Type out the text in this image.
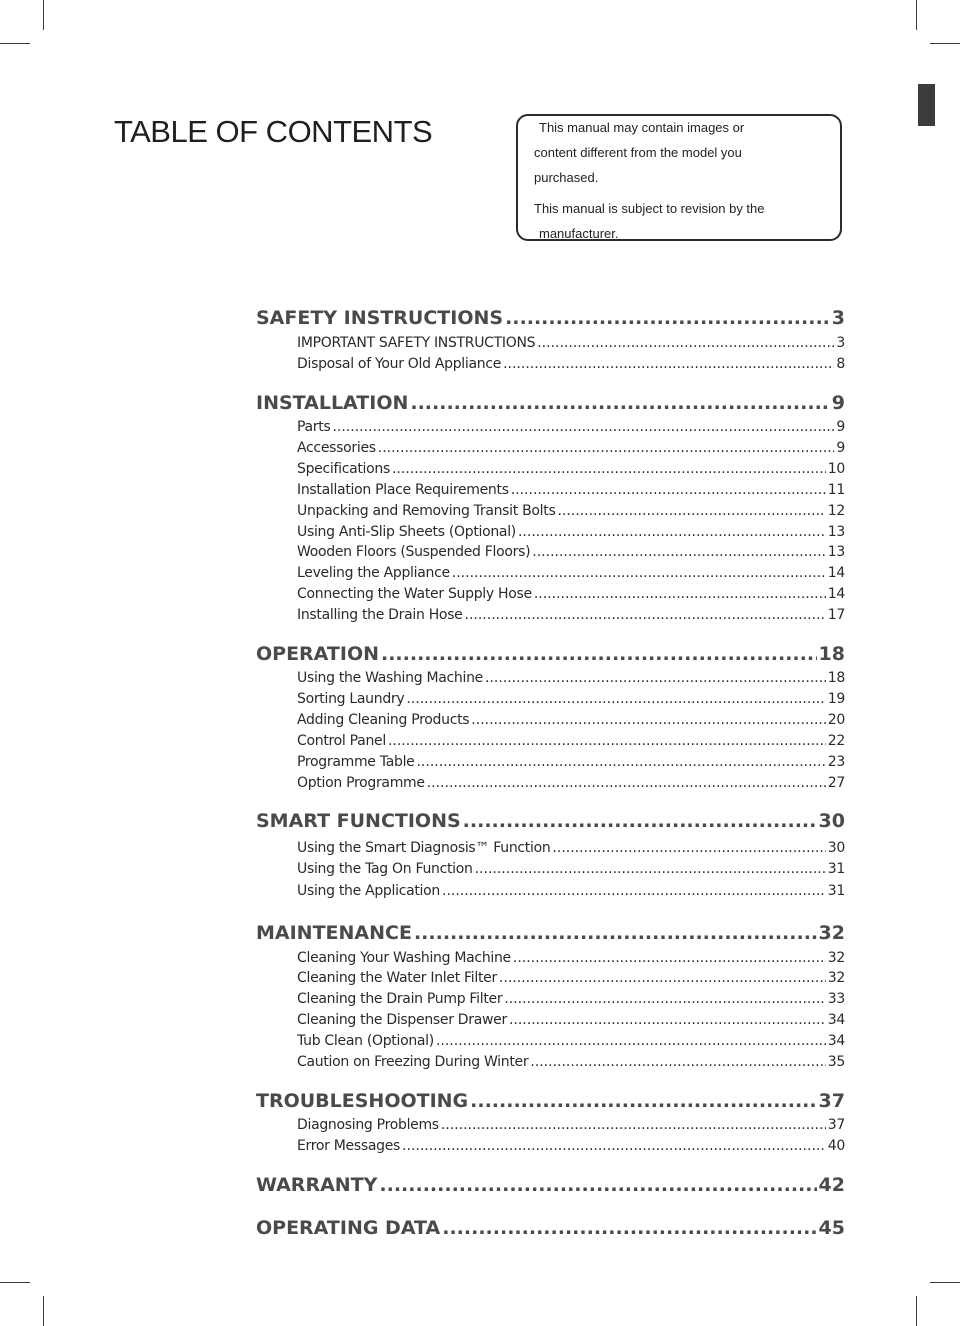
TABLE OF CONTENTS	This manual may contain images or
content different from the model you
purchased.
This manual is subject to revision by the
manufacturer.
SAFETY INSTRUCTIONS .....	3
IMPORTANT SAFETY INSTRUCTIONS .....	3
Disposal of Your Old Appliance .....	8
INSTALLATION .....	9
Parts .....	9
Accessories .....	9
Specifications .....	10
Installation Place Requirements .....	11
Unpacking and Removing Transit Bolts .....	12
Using Anti-Slip Sheets (Optional) .....	13
Wooden Floors (Suspended Floors) .....	13
Leveling the Appliance .....	14
Connecting the Water Supply Hose .....	14
Installing the Drain Hose .....	17
OPERATION .....	18
Using the Washing Machine .....	18
Sorting Laundry .....	19
Adding Cleaning Products .....	20
Control Panel .....	22
Programme Table .....	23
Option Programme .....	27
SMART FUNCTIONS .....	30
Using the Smart Diagnosis™ Function .....	30
Using the Tag On Function .....	31
Using the Application .....	31
MAINTENANCE .....	32
Cleaning Your Washing Machine .....	32
Cleaning the Water Inlet Filter .....	32
Cleaning the Drain Pump Filter .....	33
Cleaning the Dispenser Drawer .....	34
Tub Clean (Optional) .....	34
Caution on Freezing During Winter .....	35
TROUBLESHOOTING .....	37
Diagnosing Problems .....	37
Error Messages .....	40
WARRANTY .....	42
OPERATING DATA .....	45
